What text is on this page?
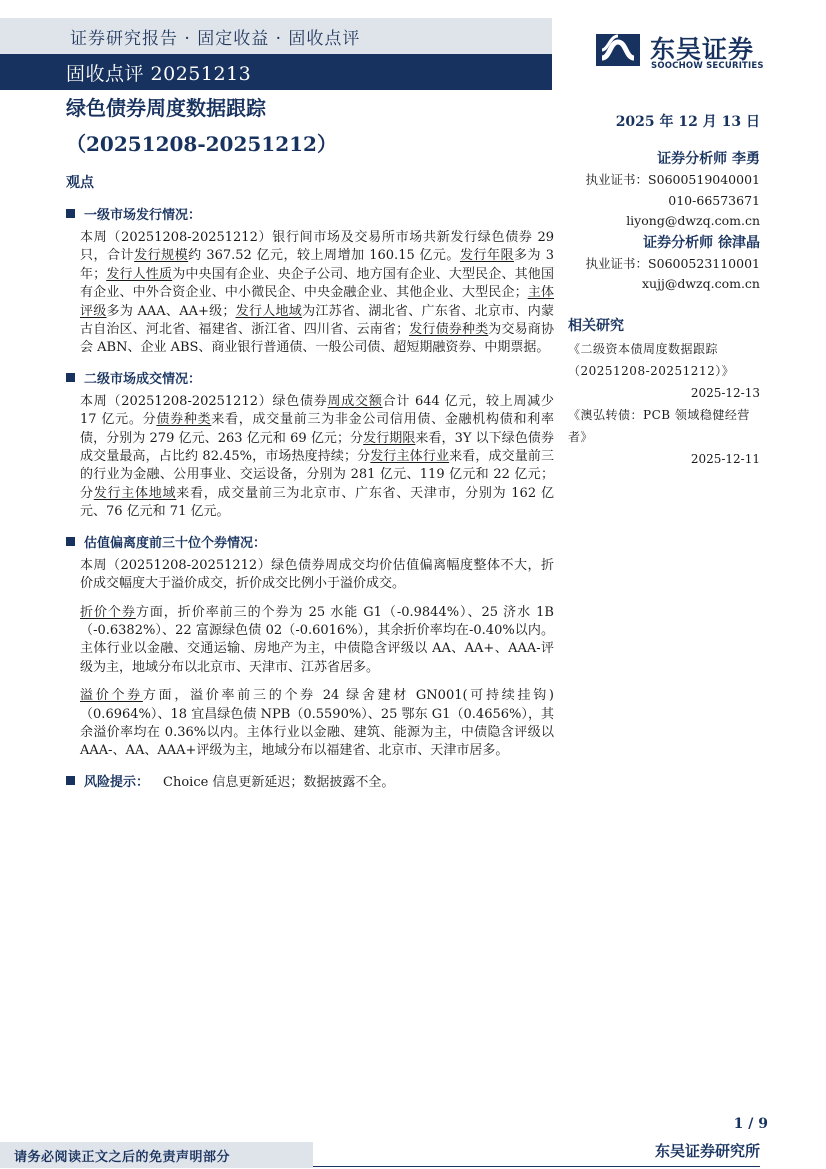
证券研究报告 · 固定收益 · 固收点评
固收点评 20251213
东吴证券
SOOCHOW SECURITIES
绿色债券周度数据跟踪
（20251208-20251212）
2025 年 12 月 13 日
证券分析师 李勇
执业证书：S0600519040001
010-66573671
liyong@dwzq.com.cn
证券分析师 徐津晶
执业证书：S0600523110001
xujj@dwzq.com.cn
相关研究
《二级资本债周度数据跟踪
（20251208-20251212）》
2025-12-13
《澳弘转债：PCB 领域稳健经营者》
2025-12-11
观点
一级市场发行情况：
本周（20251208-20251212）银行间市场及交易所市场共新发行绿色债券 29 只，合计发行规模约 367.52 亿元，较上周增加 160.15 亿元。发行年限多为 3 年；发行人性质为中央国有企业、央企子公司、地方国有企业、大型民企、其他国有企业、中外合资企业、中小微民企、中央金融企业、其他企业、大型民企；主体评级多为 AAA、AA+级；发行人地域为江苏省、湖北省、广东省、北京市、内蒙古自治区、河北省、福建省、浙江省、四川省、云南省；发行债券种类为交易商协会 ABN、企业 ABS、商业银行普通债、一般公司债、超短期融资券、中期票据。
二级市场成交情况：
本周（20251208-20251212）绿色债券周成交额合计 644 亿元，较上周减少 17 亿元。分债券种类来看，成交量前三为非金公司信用债、金融机构债和利率债，分别为 279 亿元、263 亿元和 69 亿元；分发行期限来看，3Y 以下绿色债券成交量最高，占比约 82.45%，市场热度持续；分发行主体行业来看，成交量前三的行业为金融、公用事业、交运设备，分别为 281 亿元、119 亿元和 22 亿元；分发行主体地域来看，成交量前三为北京市、广东省、天津市，分别为 162 亿元、76 亿元和 71 亿元。
估值偏离度前三十位个券情况：
本周（20251208-20251212）绿色债券周成交均价估值偏离幅度整体不大，折价成交幅度大于溢价成交，折价成交比例小于溢价成交。
折价个券方面，折价率前三的个券为 25 水能 G1（-0.9844%）、25 济水 1B（-0.6382%）、22 富源绿色债 02（-0.6016%），其余折价率均在-0.40%以内。主体行业以金融、交通运输、房地产为主，中债隐含评级以 AA、AA+、AAA-评级为主，地域分布以北京市、天津市、江苏省居多。
溢价个券方面，溢价率前三的个券 24 绿舍建材 GN001(可持续挂钩)（0.6964%）、18 宜昌绿色债 NPB（0.5590%）、25 鄂东 G1（0.4656%），其余溢价率均在 0.36%以内。主体行业以金融、建筑、能源为主，中债隐含评级以 AAA-、AA、AAA+评级为主，地域分布以福建省、北京市、天津市居多。
风险提示： Choice 信息更新延迟；数据披露不全。
1 / 9
请务必阅读正文之后的免责声明部分	东吴证券研究所
